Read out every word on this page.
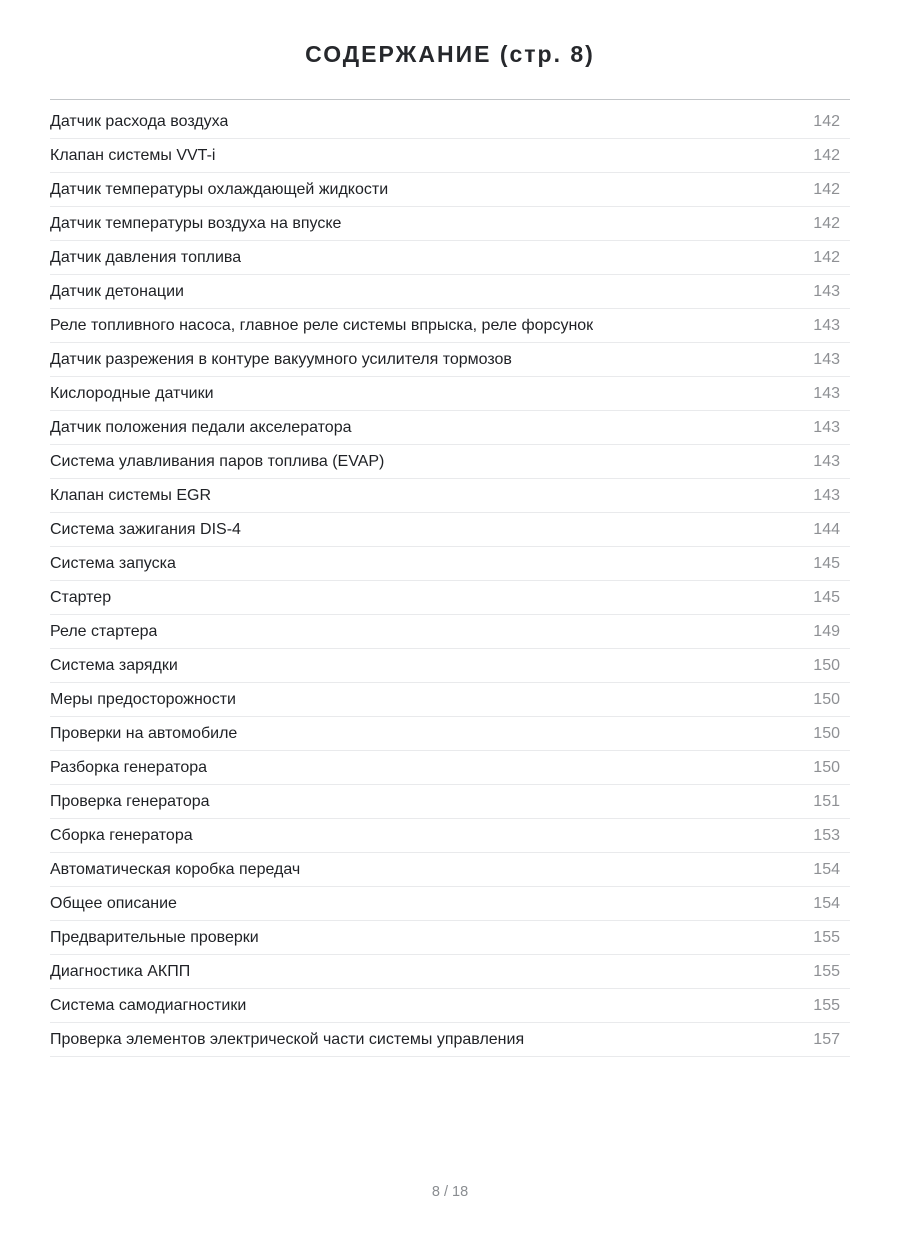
СОДЕРЖАНИЕ (стр. 8)
Датчик расхода воздуха	142
Клапан системы VVT-i	142
Датчик температуры охлаждающей жидкости	142
Датчик температуры воздуха на впуске	142
Датчик давления топлива	142
Датчик детонации	143
Реле топливного насоса, главное реле системы впрыска, реле форсунок	143
Датчик разрежения в контуре вакуумного усилителя тормозов	143
Кислородные датчики	143
Датчик положения педали акселератора	143
Система улавливания паров топлива (EVAP)	143
Клапан системы EGR	143
Система зажигания DIS-4	144
Система запуска	145
Стартер	145
Реле стартера	149
Система зарядки	150
Меры предосторожности	150
Проверки на автомобиле	150
Разборка генератора	150
Проверка генератора	151
Сборка генератора	153
Автоматическая коробка передач	154
Общее описание	154
Предварительные проверки	155
Диагностика АКПП	155
Система самодиагностики	155
Проверка элементов электрической части системы управления	157
8 / 18
